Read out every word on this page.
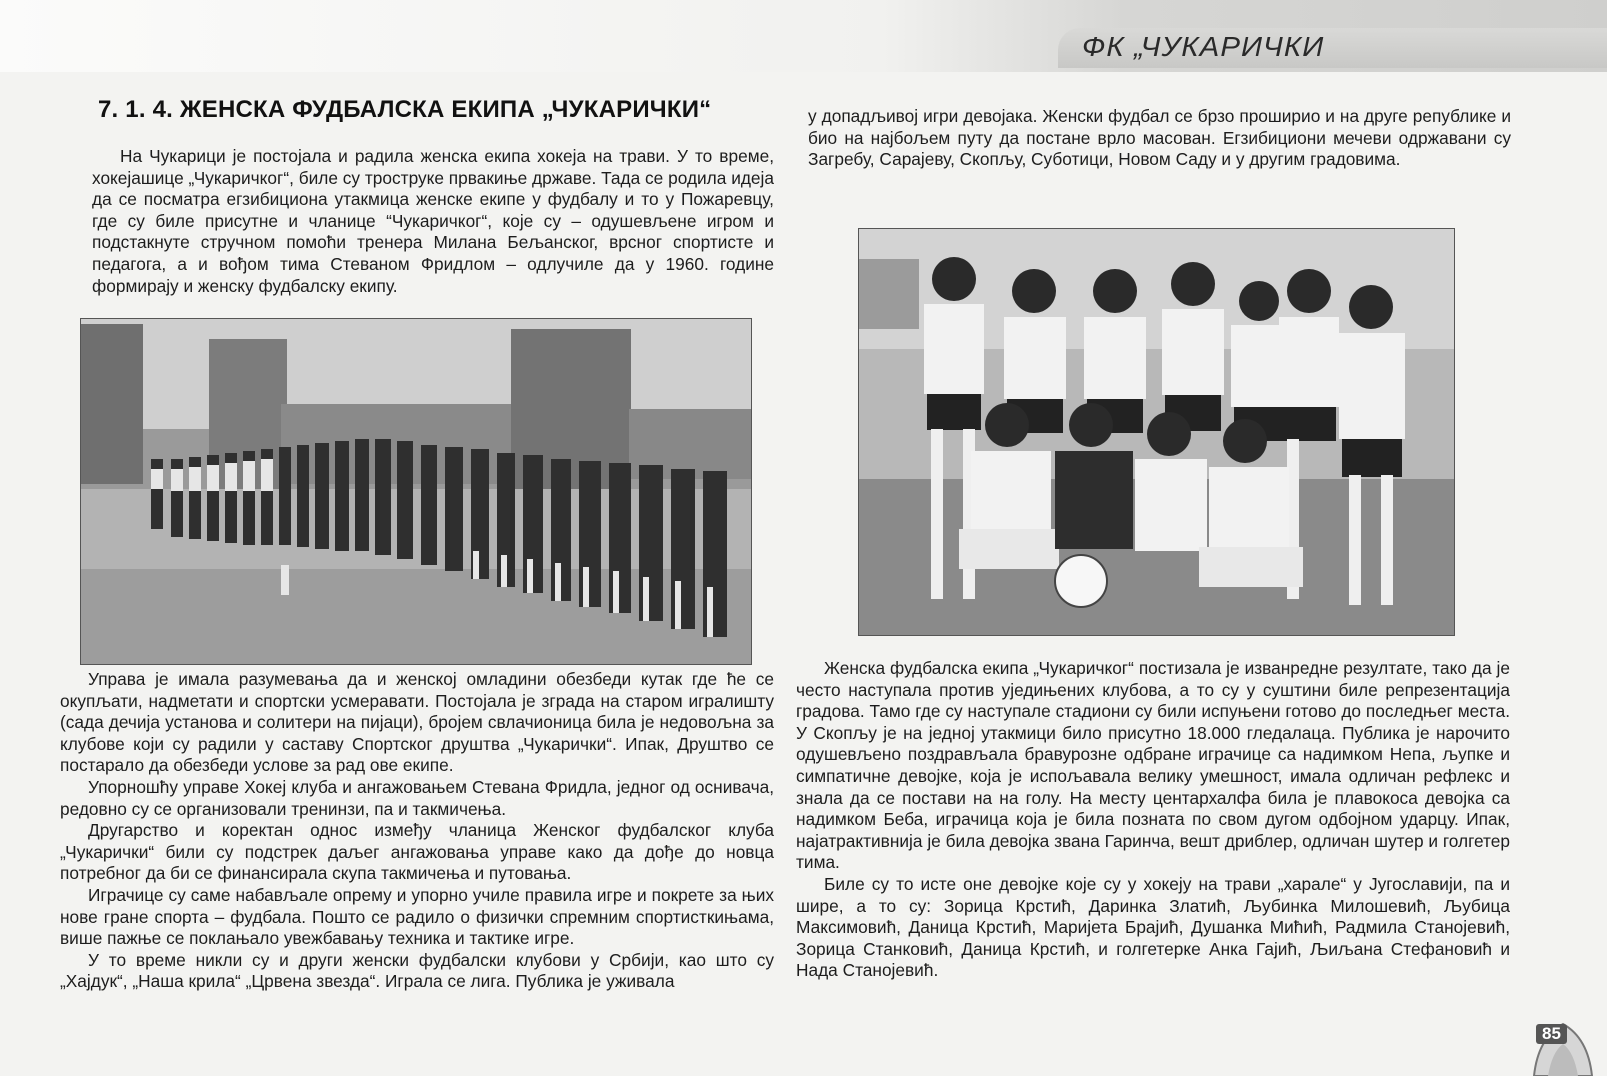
ФК „ЧУКАРИЧКИ
7. 1. 4. ЖЕНСКА ФУДБАЛСКА ЕКИПА „ЧУКАРИЧКИ“

На Чукарици је постојала и радила женска екипа хокеја на трави. У то време, хокејашице „Чукаричког“, биле су троструке првакиње државе. Тада се родила идеја да се посматра егзибициона утакмица женске екипе у фудбалу и то у Пожаревцу, где су биле присутне и чланице “Чукаричког“, које су – одушевљене игром и подстакнуте стручном помоћи тренера Милана Бељанског, врсног спортисте и педагога, а и вођом тима Стеваном Фридлом – одлучиле да у 1960. године формирају и женску фудбалску екипу.

Управа је имала разумевања да и женској омладини обезбеди кутак где ће се окупљати, надметати и спортски усмеравати. Постојала је зграда на старом игралишту (сада дечија установа и солитери на пијаци), бројем свлачионица била је недовољна за клубове који су радили у саставу Спортског друштва „Чукарички“. Ипак, Друштво се постарало да обезбеди услове за рад ове екипе.

Упорношћу управе Хокеј клуба и ангажовањем Стевана Фридла, једног од оснивача, редовно су се организовали тренинзи, па и такмичења.

Другарство и коректан однос између чланица Женског фудбалског клуба „Чукарички“ били су подстрек даљег ангажовања управе како да дође до новца потребног да би се финансирала скупа такмичења и путовања.

Играчице су саме набављале опрему и упорно училе правила игре и покрете за њих нове гране спорта – фудбала. Пошто се радило о физички спремним спортисткињама, више пажње се поклањало увежбавању техника и тактике игре.

У то време никли су и други женски фудбалски клубови у Србији, као што су „Хајдук“, „Наша крила“ „Црвена звезда“. Играла се лига. Публика је уживала

у допадљивој игри девојака. Женски фудбал се брзо проширио и на друге републике и био на најбољем путу да постане врло масован. Егзибициони мечеви одржавани су Загребу, Сарајеву, Скопљу, Суботици, Новом Саду и у другим градовима.

Женска фудбалска екипа „Чукаричког“ постизала је изванредне резултате, тако да је често наступала против уједињених клубова, а то су у суштини биле репрезентација градова. Тамо где су наступале стадиони су били испуњени готово до последњег места. У Скопљу је на једној утакмици било присутно 18.000 гледалаца. Публика је нарочито одушевљено поздрављала бравурозне одбране играчице са надимком Непа, љупке и симпатичне девојке, која је испољавала велику умешност, имала одличан рефлекс и знала да се постави на на голу. На месту центархалфа била је плавокоса девојка са надимком Беба, играчица која је била позната по свом дугом одбојном ударцу. Ипак, најатрактивнија је била девојка звана Гаринча, вешт дриблер, одличан шутер и голгетер тима.

Биле су то исте оне девојке које су у хокеју на трави „харале“ у Југославији, па и шире, а то су: Зорица Крстић, Даринка Златић, Љубинка Милошевић, Љубица Максимовић, Даница Крстић, Маријета Брајић, Душанка Мићић, Радмила Станојевић, Зорица Станковић, Даница Крстић, и голгетерке Анка Гајић, Љиљана Стефановић и Нада Станојевић.

85
